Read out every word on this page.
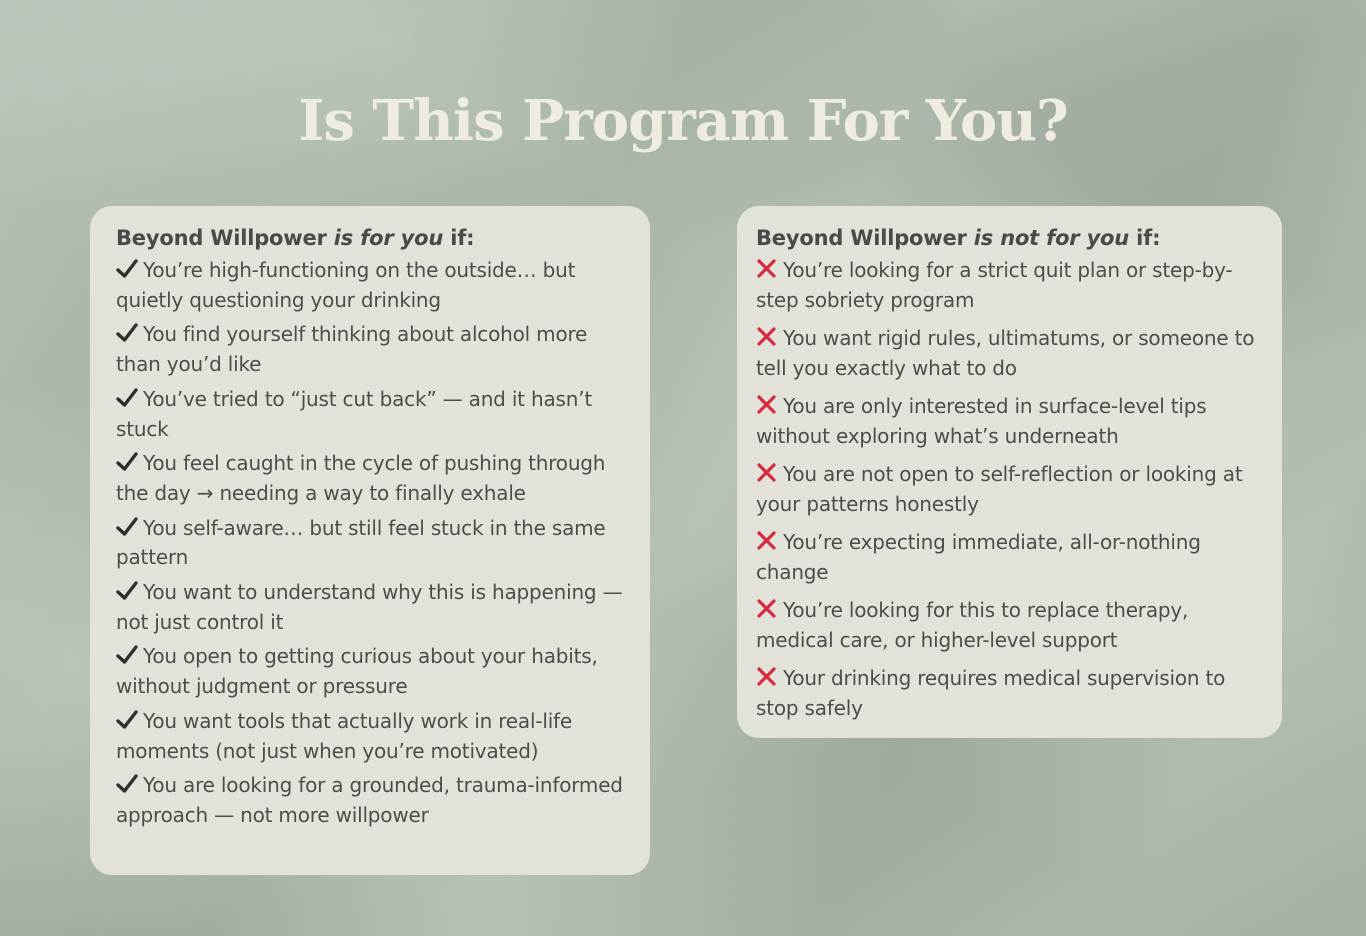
Is This Program For You?
Beyond Willpower is for you if:
You’re high-functioning on the outside… but quietly questioning your drinking
You find yourself thinking about alcohol more than you’d like
You’ve tried to “just cut back” — and it hasn’t stuck
You feel caught in the cycle of pushing through the day → needing a way to finally exhale
You self-aware… but still feel stuck in the same pattern
You want to understand why this is happening — not just control it
You open to getting curious about your habits, without judgment or pressure
You want tools that actually work in real-life moments (not just when you’re motivated)
You are looking for a grounded, trauma-informed approach — not more willpower
Beyond Willpower is not for you if:
You’re looking for a strict quit plan or step-by-step sobriety program
You want rigid rules, ultimatums, or someone to tell you exactly what to do
You are only interested in surface-level tips without exploring what’s underneath
You are not open to self-reflection or looking at your patterns honestly
You’re expecting immediate, all-or-nothing change
You’re looking for this to replace therapy, medical care, or higher-level support
Your drinking requires medical supervision to stop safely
